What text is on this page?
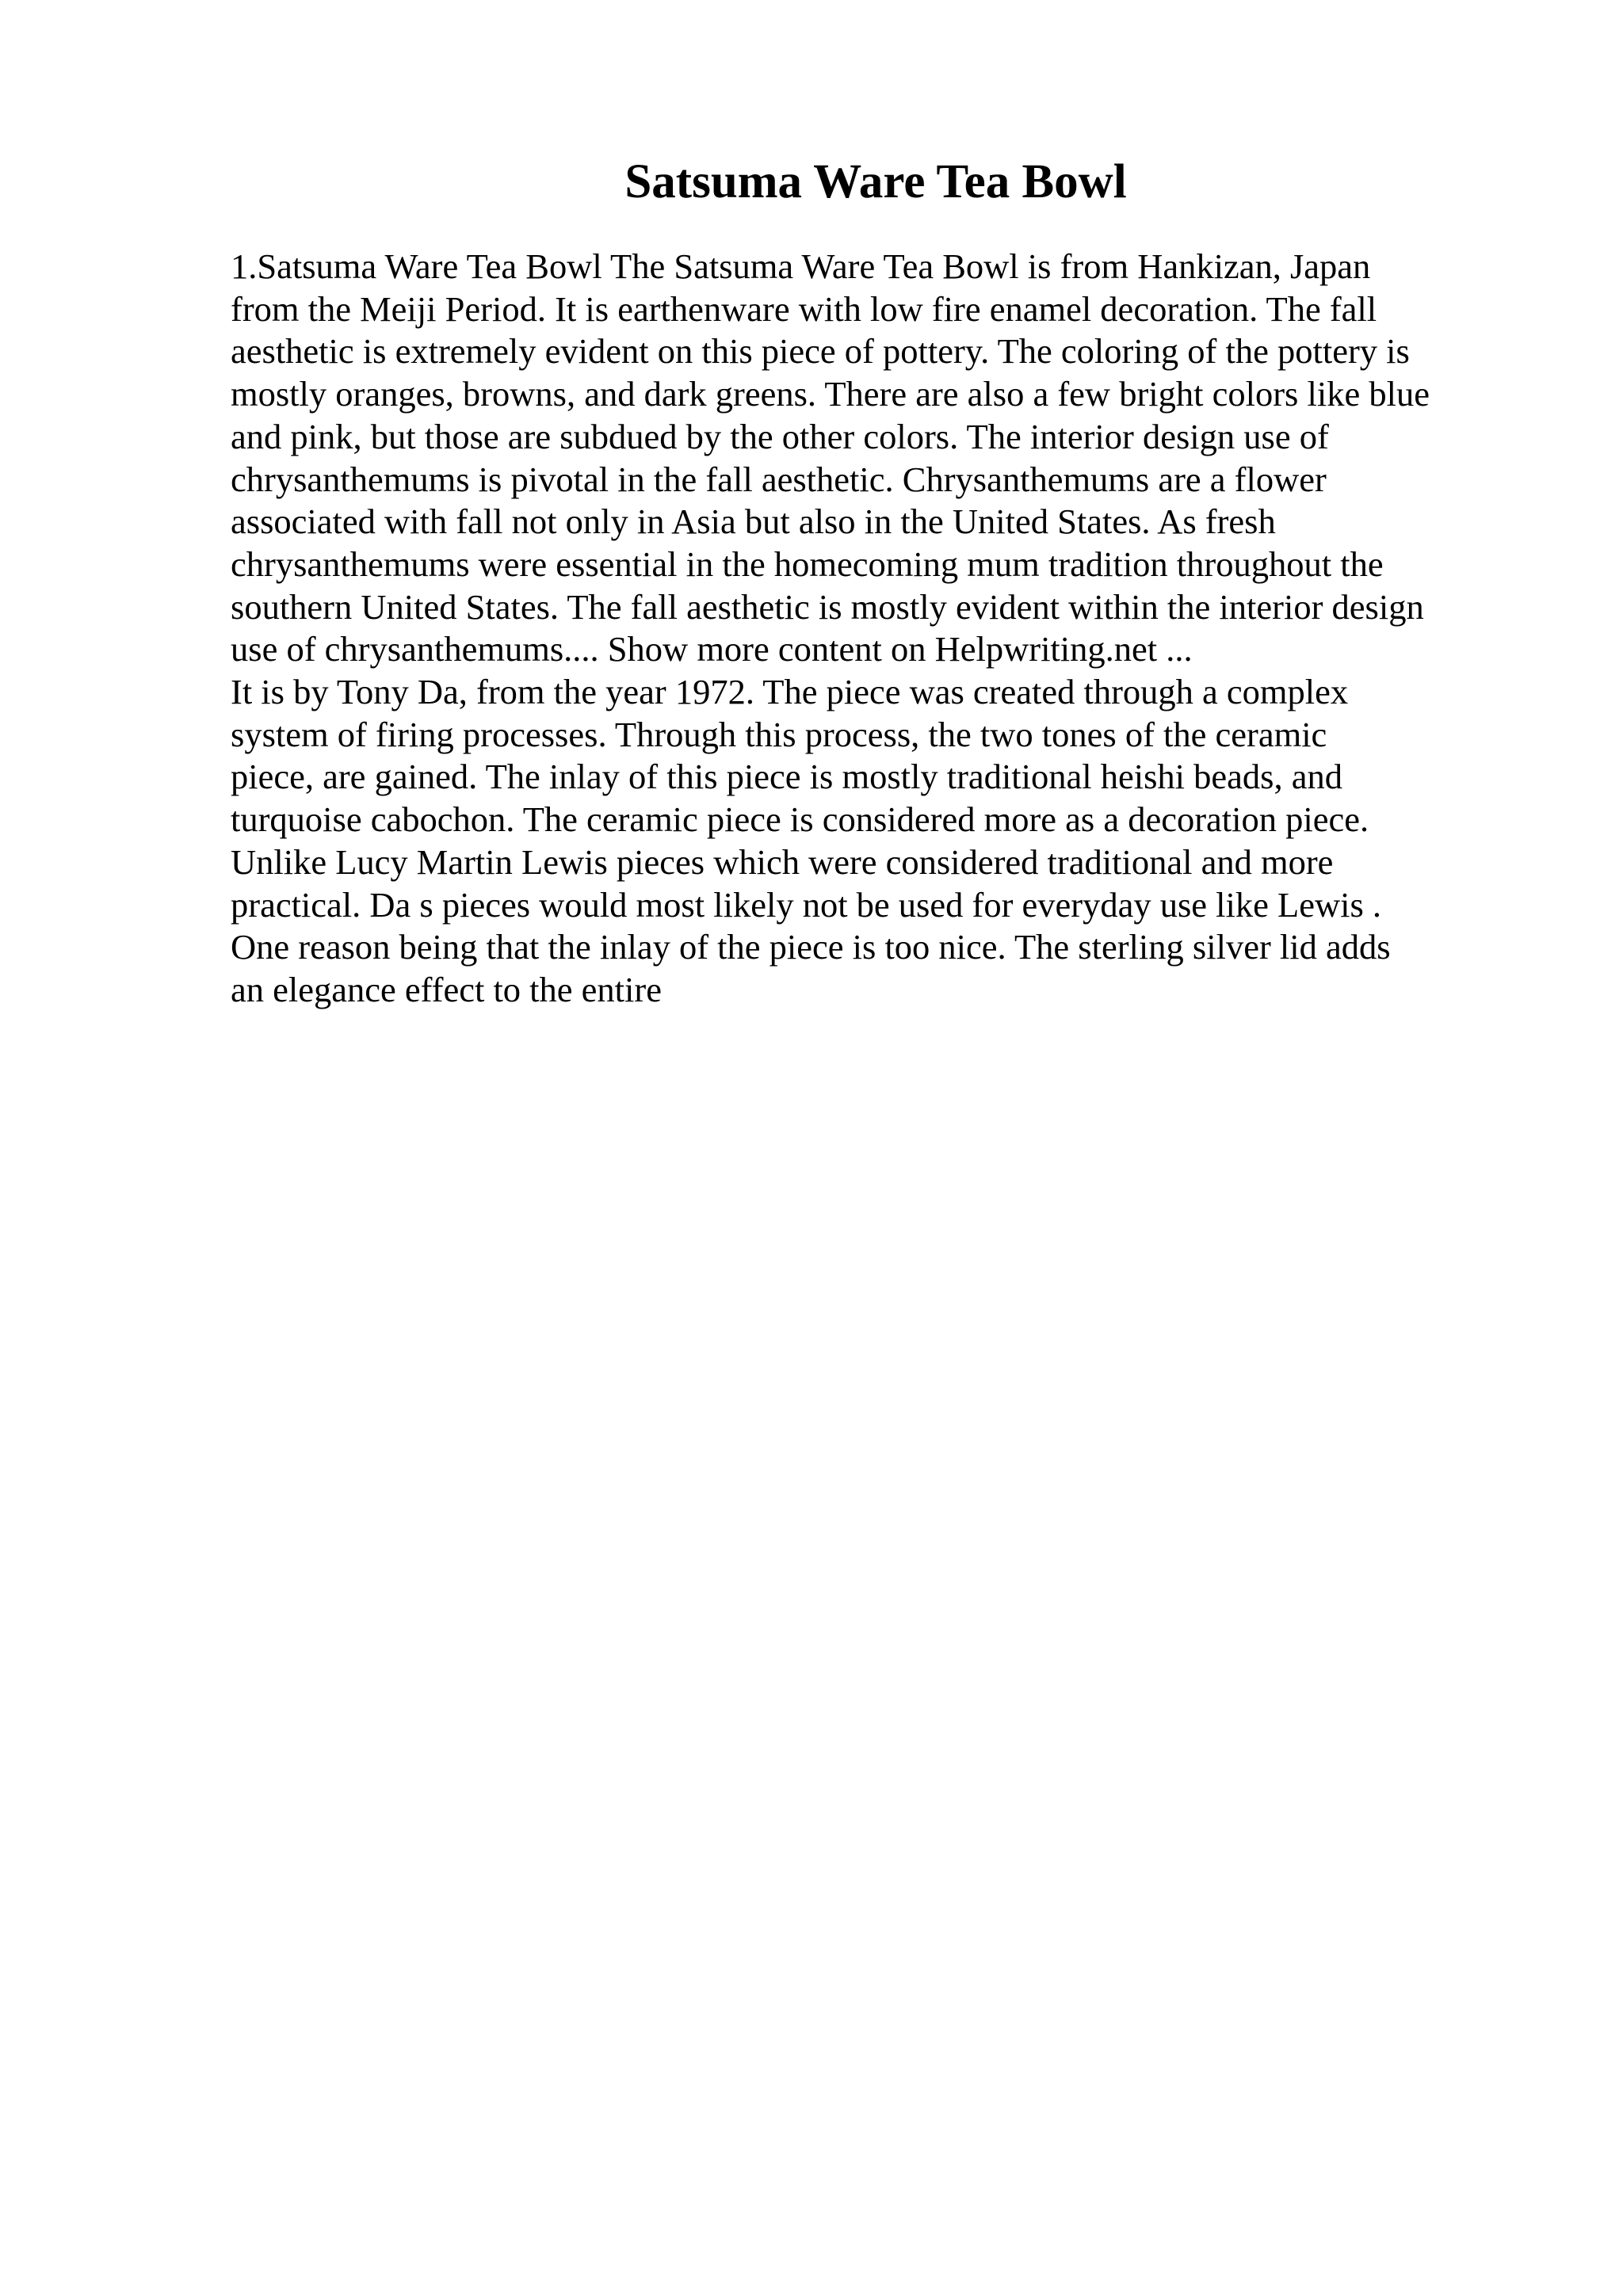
Satsuma Ware Tea Bowl
1.Satsuma Ware Tea Bowl The Satsuma Ware Tea Bowl is from Hankizan, Japan
from the Meiji Period. It is earthenware with low fire enamel decoration. The fall
aesthetic is extremely evident on this piece of pottery. The coloring of the pottery is
mostly oranges, browns, and dark greens. There are also a few bright colors like blue
and pink, but those are subdued by the other colors. The interior design use of
chrysanthemums is pivotal in the fall aesthetic. Chrysanthemums are a flower
associated with fall not only in Asia but also in the United States. As fresh
chrysanthemums were essential in the homecoming mum tradition throughout the
southern United States. The fall aesthetic is mostly evident within the interior design
use of chrysanthemums.... Show more content on Helpwriting.net ...
It is by Tony Da, from the year 1972. The piece was created through a complex
system of firing processes. Through this process, the two tones of the ceramic
piece, are gained. The inlay of this piece is mostly traditional heishi beads, and
turquoise cabochon. The ceramic piece is considered more as a decoration piece.
Unlike Lucy Martin Lewis pieces which were considered traditional and more
practical. Da s pieces would most likely not be used for everyday use like Lewis .
One reason being that the inlay of the piece is too nice. The sterling silver lid adds
an elegance effect to the entire
